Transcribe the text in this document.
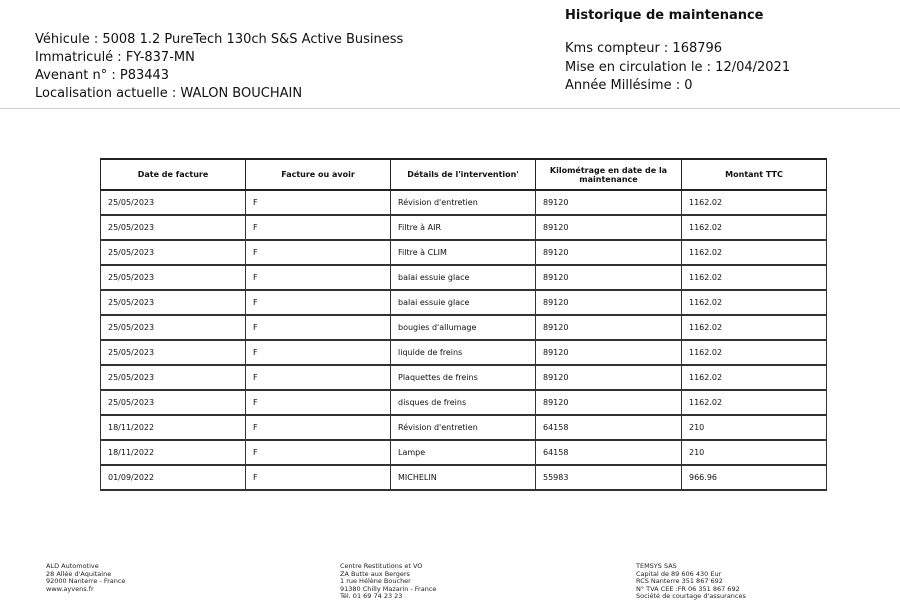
Historique de maintenance
Véhicule : 5008 1.2 PureTech 130ch S&S Active Business
Immatriculé : FY-837-MN
Avenant n° : P83443
Localisation actuelle : WALON BOUCHAIN
Kms compteur : 168796
Mise en circulation le : 12/04/2021
Année Millésime : 0
Date de facture	Facture ou avoir	Détails de l'intervention'	Kilométrage en date de la maintenance	Montant TTC
25/05/2023	F	Révision d'entretien	89120	1162.02
25/05/2023	F	Filtre à AIR	89120	1162.02
25/05/2023	F	Filtre à CLIM	89120	1162.02
25/05/2023	F	balai essuie glace	89120	1162.02
25/05/2023	F	balai essuie glace	89120	1162.02
25/05/2023	F	bougies d'allumage	89120	1162.02
25/05/2023	F	liquide de freins	89120	1162.02
25/05/2023	F	Plaquettes de freins	89120	1162.02
25/05/2023	F	disques de freins	89120	1162.02
18/11/2022	F	Révision d'entretien	64158	210
18/11/2022	F	Lampe	64158	210
01/09/2022	F	MICHELIN	55983	966.96
ALD Automotive
28 Allée d'Aquitaine
92000 Nanterre - France
www.ayvens.fr
Centre Restitutions et VO
ZA Butte aux Bergers
1 rue Hélène Boucher
91380 Chilly Mazarin - France
Tél. 01 69 74 23 23
TEMSYS SAS
Capital de 89 606 430 Eur
RCS Nanterre 351 867 692
N° TVA CEE :FR 06 351 867 692
Société de courtage d'assurances
